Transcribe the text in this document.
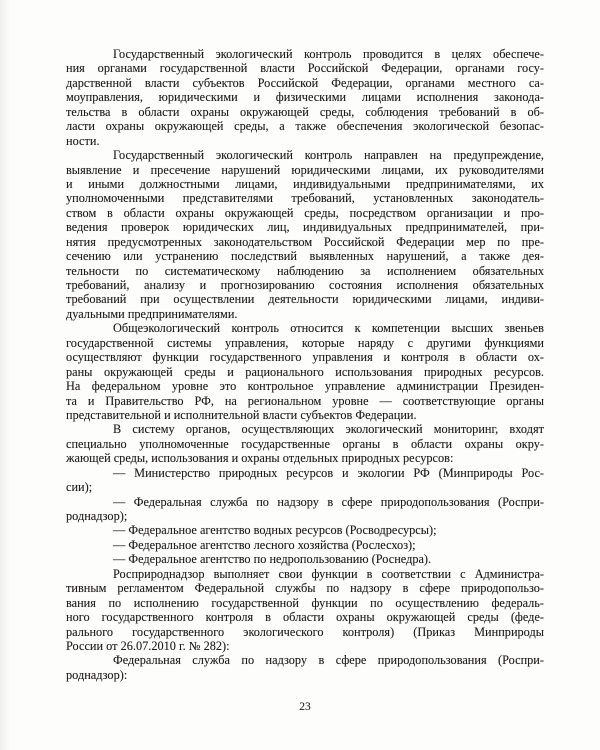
Государственный экологический контроль проводится в целях обеспече-
ния органами государственной власти Российской Федерации, органами госу-
дарственной власти субъектов Российской Федерации, органами местного са-
моуправления, юридическими и физическими лицами исполнения законода-
тельства в области охраны окружающей среды, соблюдения требований в об-
ласти охраны окружающей среды, а также обеспечения экологической безопас-
ности.
Государственный экологический контроль направлен на предупреждение,
выявление и пресечение нарушений юридическими лицами, их руководителями
и иными должностными лицами, индивидуальными предпринимателями, их
уполномоченными представителями требований, установленных законодатель-
ством в области охраны окружающей среды, посредством организации и про-
ведения проверок юридических лиц, индивидуальных предпринимателей, при-
нятия предусмотренных законодательством Российской Федерации мер по пре-
сечению или устранению последствий выявленных нарушений, а также дея-
тельности по систематическому наблюдению за исполнением обязательных
требований, анализу и прогнозированию состояния исполнения обязательных
требований при осуществлении деятельности юридическими лицами, индиви-
дуальными предпринимателями.
Общеэкологический контроль относится к компетенции высших звеньев
государственной системы управления, которые наряду с другими функциями
осуществляют функции государственного управления и контроля в области ох-
раны окружающей среды и рационального использования природных ресурсов.
На федеральном уровне это контрольное управление администрации Президен-
та и Правительство РФ, на региональном уровне — соответствующие органы
представительной и исполнительной власти субъектов Федерации.
В систему органов, осуществляющих экологический мониторинг, входят
специально уполномоченные государственные органы в области охраны окру-
жающей среды, использования и охраны отдельных природных ресурсов:
— Министерство природных ресурсов и экологии РФ (Минприроды Рос-
сии);
— Федеральная служба по надзору в сфере природопользования (Роспри-
роднадзор);
— Федеральное агентство водных ресурсов (Росводресурсы);
— Федеральное агентство лесного хозяйства (Рослесхоз);
— Федеральное агентство по недропользованию (Роснедра).
Росприроднадзор выполняет свои функции в соответствии с Администра-
тивным регламентом Федеральной службы по надзору в сфере природопользо-
вания по исполнению государственной функции по осуществлению федераль-
ного государственного контроля в области охраны окружающей среды (феде-
рального государственного экологического контроля) (Приказ Минприроды
России от 26.07.2010 г. № 282):
Федеральная служба по надзору в сфере природопользования (Роспри-
роднадзор):
23
